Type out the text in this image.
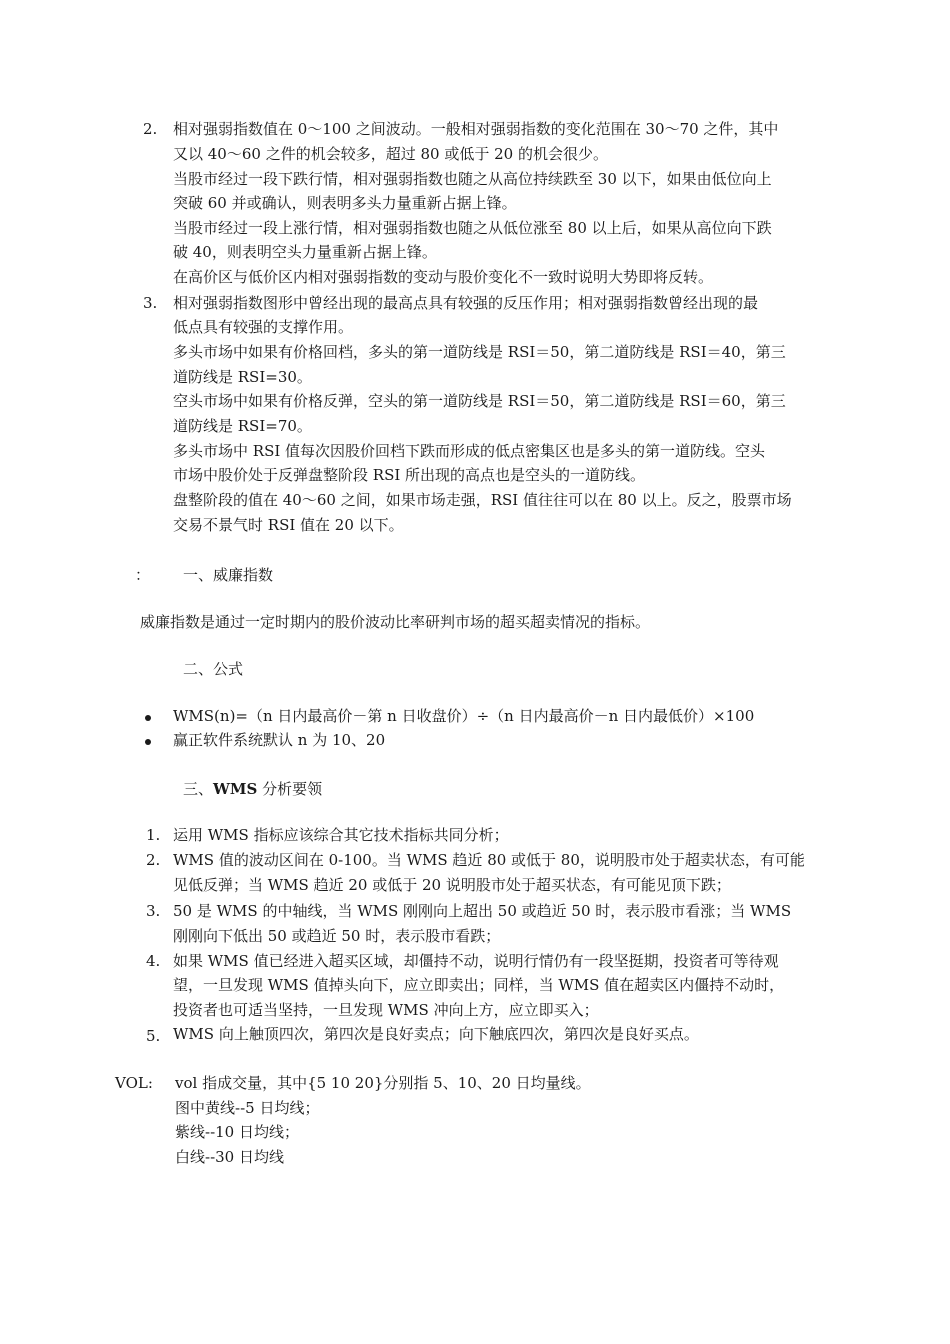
2. 相对强弱指数值在 0～100 之间波动。一般相对强弱指数的变化范围在 30～70 之件，其中
又以 40～60 之件的机会较多，超过 80 或低于 20 的机会很少。
当股市经过一段下跌行情，相对强弱指数也随之从高位持续跌至 30 以下，如果由低位向上
突破 60 并或确认，则表明多头力量重新占据上锋。
当股市经过一段上涨行情，相对强弱指数也随之从低位涨至 80 以上后，如果从高位向下跌
破 40，则表明空头力量重新占据上锋。
在高价区与低价区内相对强弱指数的变动与股价变化不一致时说明大势即将反转。
3. 相对强弱指数图形中曾经出现的最高点具有较强的反压作用；相对强弱指数曾经出现的最
低点具有较强的支撑作用。
多头市场中如果有价格回档，多头的第一道防线是 RSI＝50，第二道防线是 RSI＝40，第三
道防线是 RSI=30。
空头市场中如果有价格反弹，空头的第一道防线是 RSI＝50，第二道防线是 RSI＝60，第三
道防线是 RSI=70。
多头市场中 RSI 值每次因股价回档下跌而形成的低点密集区也是多头的第一道防线。空头
市场中股价处于反弹盘整阶段 RSI 所出现的高点也是空头的一道防线。
盘整阶段的值在 40～60 之间，如果市场走强，RSI 值往往可以在 80 以上。反之，股票市场
交易不景气时 RSI 值在 20 以下。
： 一、威廉指数
威廉指数是通过一定时期内的股价波动比率研判市场的超买超卖情况的指标。
二、公式
WMS(n)=（n 日内最高价－第 n 日收盘价）÷（n 日内最高价－n 日内最低价）×100
赢正软件系统默认 n 为 10、20
三、WMS 分析要领
1. 运用 WMS 指标应该综合其它技术指标共同分析；
2. WMS 值的波动区间在 0-100。当 WMS 趋近 80 或低于 80，说明股市处于超卖状态，有可能
见低反弹；当 WMS 趋近 20 或低于 20 说明股市处于超买状态，有可能见顶下跌；
3. 50 是 WMS 的中轴线，当 WMS 刚刚向上超出 50 或趋近 50 时，表示股市看涨；当 WMS
刚刚向下低出 50 或趋近 50 时，表示股市看跌；
4. 如果 WMS 值已经进入超买区域，却僵持不动，说明行情仍有一段坚挺期，投资者可等待观
望，一旦发现 WMS 值掉头向下，应立即卖出；同样，当 WMS 值在超卖区内僵持不动时，
投资者也可适当坚持，一旦发现 WMS 冲向上方，应立即买入；
5. WMS 向上触顶四次，第四次是良好卖点；向下触底四次，第四次是良好买点。
VOL: vol 指成交量，其中{5 10 20}分别指 5、10、20 日均量线。
图中黄线--5 日均线；
紫线--10 日均线；
白线--30 日均线
